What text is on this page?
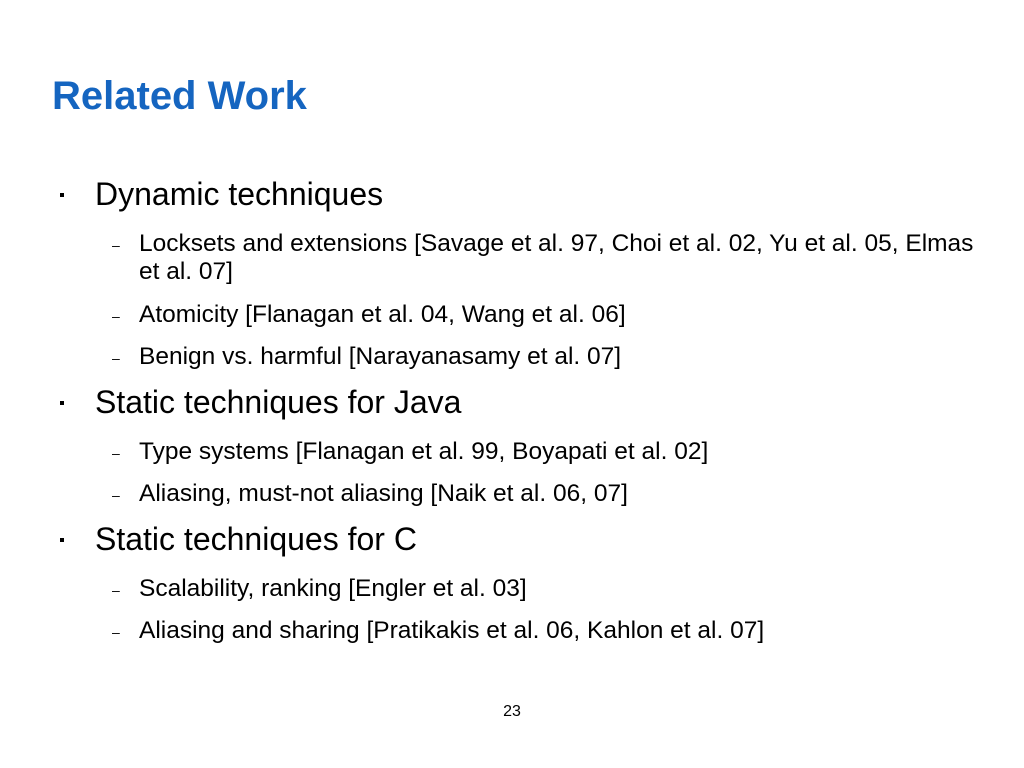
Related Work
Dynamic techniques
– Locksets and extensions [Savage et al. 97, Choi et al. 02, Yu et al. 05, Elmas et al. 07]
– Atomicity [Flanagan et al. 04, Wang et al. 06]
– Benign vs. harmful [Narayanasamy et al. 07]
Static techniques for Java
– Type systems [Flanagan et al. 99, Boyapati et al. 02]
– Aliasing, must-not aliasing [Naik et al. 06, 07]
Static techniques for C
– Scalability, ranking [Engler et al. 03]
– Aliasing and sharing [Pratikakis et al. 06, Kahlon et al. 07]
23
